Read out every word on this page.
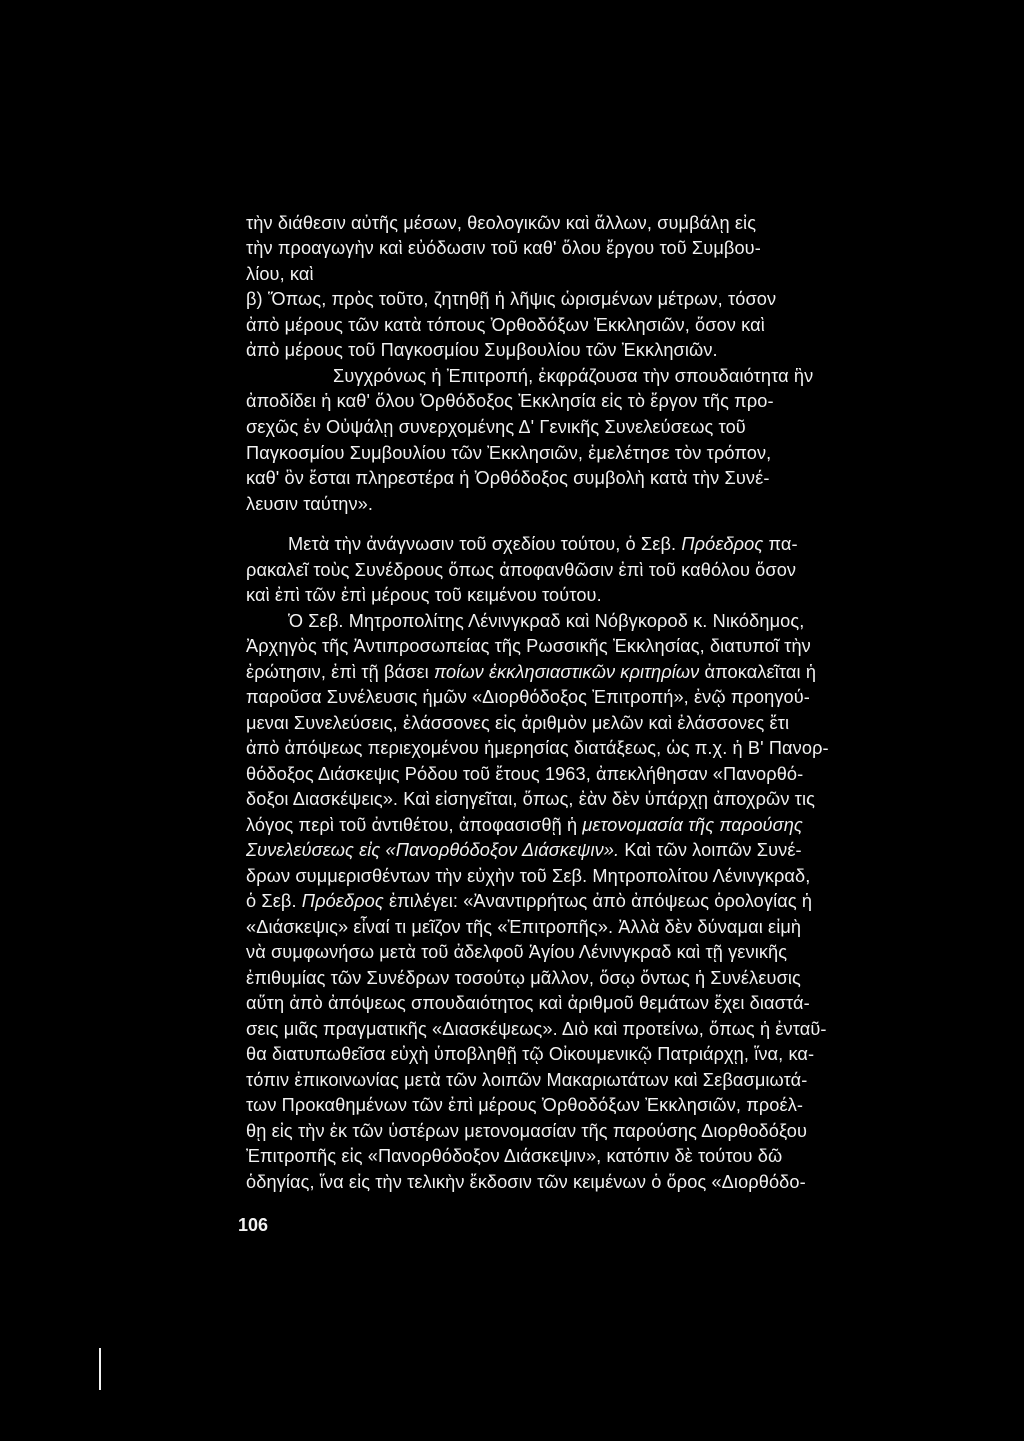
τὴν διάθεσιν αὐτῆς μέσων, θεολογικῶν καὶ ἄλλων, συμβάλῃ εἰς
τὴν προαγωγὴν καὶ εὐόδωσιν τοῦ καθ' ὅλου ἔργου τοῦ Συμβου-
λίου, καὶ
β) Ὅπως, πρὸς τοῦτο, ζητηθῇ ἡ λῆψις ὡρισμένων μέτρων, τόσον
ἀπὸ μέρους τῶν κατὰ τόπους Ὀρθοδόξων Ἐκκλησιῶν, ὅσον καὶ
ἀπὸ μέρους τοῦ Παγκοσμίου Συμβουλίου τῶν Ἐκκλησιῶν.
Συγχρόνως ἡ Ἐπιτροπή, ἐκφράζουσα τὴν σπουδαιότητα ἣν
ἀποδίδει ἡ καθ' ὅλου Ὀρθόδοξος Ἐκκλησία εἰς τὸ ἔργον τῆς προ-
σεχῶς ἐν Οὐψάλῃ συνερχομένης Δ' Γενικῆς Συνελεύσεως τοῦ
Παγκοσμίου Συμβουλίου τῶν Ἐκκλησιῶν, ἐμελέτησε τὸν τρόπον,
καθ' ὃν ἔσται πληρεστέρα ἡ Ὀρθόδοξος συμβολὴ κατὰ τὴν Συνέ-
λευσιν ταύτην».
Μετὰ τὴν ἀνάγνωσιν τοῦ σχεδίου τούτου, ὁ Σεβ. Πρόεδρος πα-
ρακαλεῖ τοὺς Συνέδρους ὅπως ἀποφανθῶσιν ἐπὶ τοῦ καθόλου ὅσον
καὶ ἐπὶ τῶν ἐπὶ μέρους τοῦ κειμένου τούτου.
Ὁ Σεβ. Μητροπολίτης Λένινγκραδ καὶ Νόβγκοροδ κ. Νικόδημος,
Ἀρχηγὸς τῆς Ἀντιπροσωπείας τῆς Ρωσσικῆς Ἐκκλησίας, διατυποῖ τὴν
ἐρώτησιν, ἐπὶ τῇ βάσει ποίων ἐκκλησιαστικῶν κριτηρίων ἀποκαλεῖται ἡ
παροῦσα Συνέλευσις ἡμῶν «Διορθόδοξος Ἐπιτροπή», ἐνῷ προηγού-
μεναι Συνελεύσεις, ἐλάσσονες εἰς ἀριθμὸν μελῶν καὶ ἐλάσσονες ἔτι
ἀπὸ ἀπόψεως περιεχομένου ἡμερησίας διατάξεως, ὡς π.χ. ἡ Β' Πανορ-
θόδοξος Διάσκεψις Ρόδου τοῦ ἔτους 1963, ἀπεκλήθησαν «Πανορθό-
δοξοι Διασκέψεις». Καὶ εἰσηγεῖται, ὅπως, ἐὰν δὲν ὑπάρχῃ ἀποχρῶν τις
λόγος περὶ τοῦ ἀντιθέτου, ἀποφασισθῇ ἡ μετονομασία τῆς παρούσης
Συνελεύσεως εἰς «Πανορθόδοξον Διάσκεψιν». Καὶ τῶν λοιπῶν Συνέ-
δρων συμμερισθέντων τὴν εὐχὴν τοῦ Σεβ. Μητροπολίτου Λένινγκραδ,
ὁ Σεβ. Πρόεδρος ἐπιλέγει: «Ἀναντιρρήτως ἀπὸ ἀπόψεως ὁρολογίας ἡ
«Διάσκεψις» εἶναί τι μεῖζον τῆς «Ἐπιτροπῆς». Ἀλλὰ δὲν δύναμαι εἰμὴ
νὰ συμφωνήσω μετὰ τοῦ ἀδελφοῦ Ἁγίου Λένινγκραδ καὶ τῇ γενικῆς
ἐπιθυμίας τῶν Συνέδρων τοσούτῳ μᾶλλον, ὅσῳ ὄντως ἡ Συνέλευσις
αὕτη ἀπὸ ἀπόψεως σπουδαιότητος καὶ ἀριθμοῦ θεμάτων ἔχει διαστά-
σεις μιᾶς πραγματικῆς «Διασκέψεως». Διὸ καὶ προτείνω, ὅπως ἡ ἐνταῦ-
θα διατυπωθεῖσα εὐχὴ ὑποβληθῇ τῷ Οἰκουμενικῷ Πατριάρχῃ, ἵνα, κα-
τόπιν ἐπικοινωνίας μετὰ τῶν λοιπῶν Μακαριωτάτων καὶ Σεβασμιωτά-
των Προκαθημένων τῶν ἐπὶ μέρους Ὀρθοδόξων Ἐκκλησιῶν, προέλ-
θῃ εἰς τὴν ἐκ τῶν ὑστέρων μετονομασίαν τῆς παρούσης Διορθοδόξου
Ἐπιτροπῆς εἰς «Πανορθόδοξον Διάσκεψιν», κατόπιν δὲ τούτου δῶ
ὁδηγίας, ἵνα εἰς τὴν τελικὴν ἔκδοσιν τῶν κειμένων ὁ ὅρος «Διορθόδο-
106
